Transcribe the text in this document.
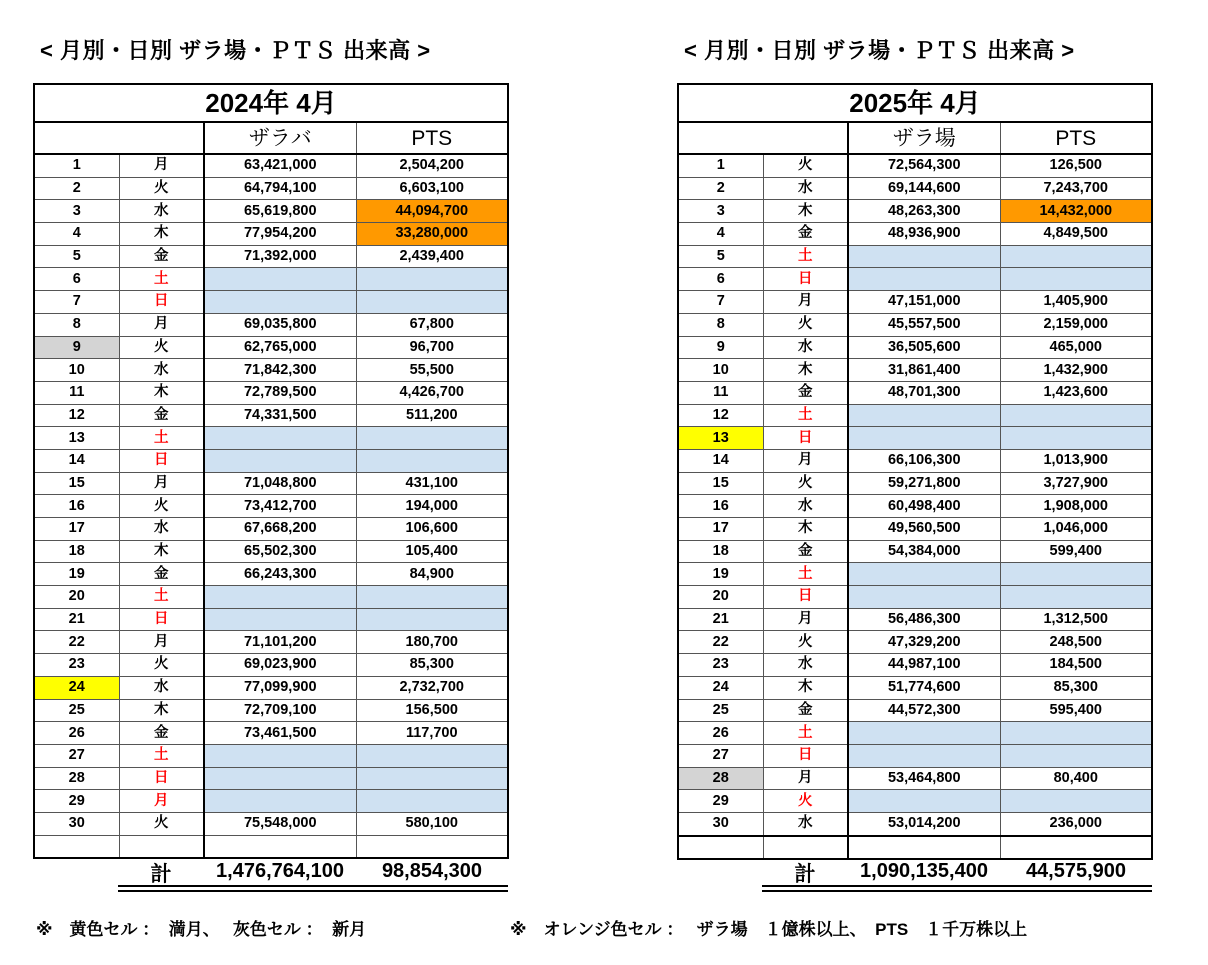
< 月別・日別 ザラ場・ＰＴＳ 出来高 >
2024年 4月			
		ザラバ	PTS
1	月	63,421,000	2,504,200
2	火	64,794,100	6,603,100
3	水	65,619,800	44,094,700
4	木	77,954,200	33,280,000
5	金	71,392,000	2,439,400
6	土		
7	日		
8	月	69,035,800	67,800
9	火	62,765,000	96,700
10	水	71,842,300	55,500
11	木	72,789,500	4,426,700
12	金	74,331,500	511,200
13	土		
14	日		
15	月	71,048,800	431,100
16	火	73,412,700	194,000
17	水	67,668,200	106,600
18	木	65,502,300	105,400
19	金	66,243,300	84,900
20	土		
21	日		
22	月	71,101,200	180,700
23	火	69,023,900	85,300
24	水	77,099,900	2,732,700
25	木	72,709,100	156,500
26	金	73,461,500	117,700
27	土		
28	日		
29	月		
30	火	75,548,000	580,100

計	1,476,764,100	98,854,300
※　黄色セル ：  満月、　 灰色セル ：  新月
< 月別・日別 ザラ場・ＰＴＳ 出来高 >
2025年 4月			
		ザラ場	PTS
1	火	72,564,300	126,500
2	水	69,144,600	7,243,700
3	木	48,263,300	14,432,000
4	金	48,936,900	4,849,500
5	土		
6	日		
7	月	47,151,000	1,405,900
8	火	45,557,500	2,159,000
9	水	36,505,600	465,000
10	木	31,861,400	1,432,900
11	金	48,701,300	1,423,600
12	土		
13	日		
14	月	66,106,300	1,013,900
15	火	59,271,800	3,727,900
16	水	60,498,400	1,908,000
17	木	49,560,500	1,046,000
18	金	54,384,000	599,400
19	土		
20	日		
21	月	56,486,300	1,312,500
22	火	47,329,200	248,500
23	水	44,987,100	184,500
24	木	51,774,600	85,300
25	金	44,572,300	595,400
26	土		
27	日		
28	月	53,464,800	80,400
29	火		
30	水	53,014,200	236,000

計	1,090,135,400	44,575,900
※　オレンジ色セル ：　 ザラ場　１億株以上、　PTS　１千万株以上
